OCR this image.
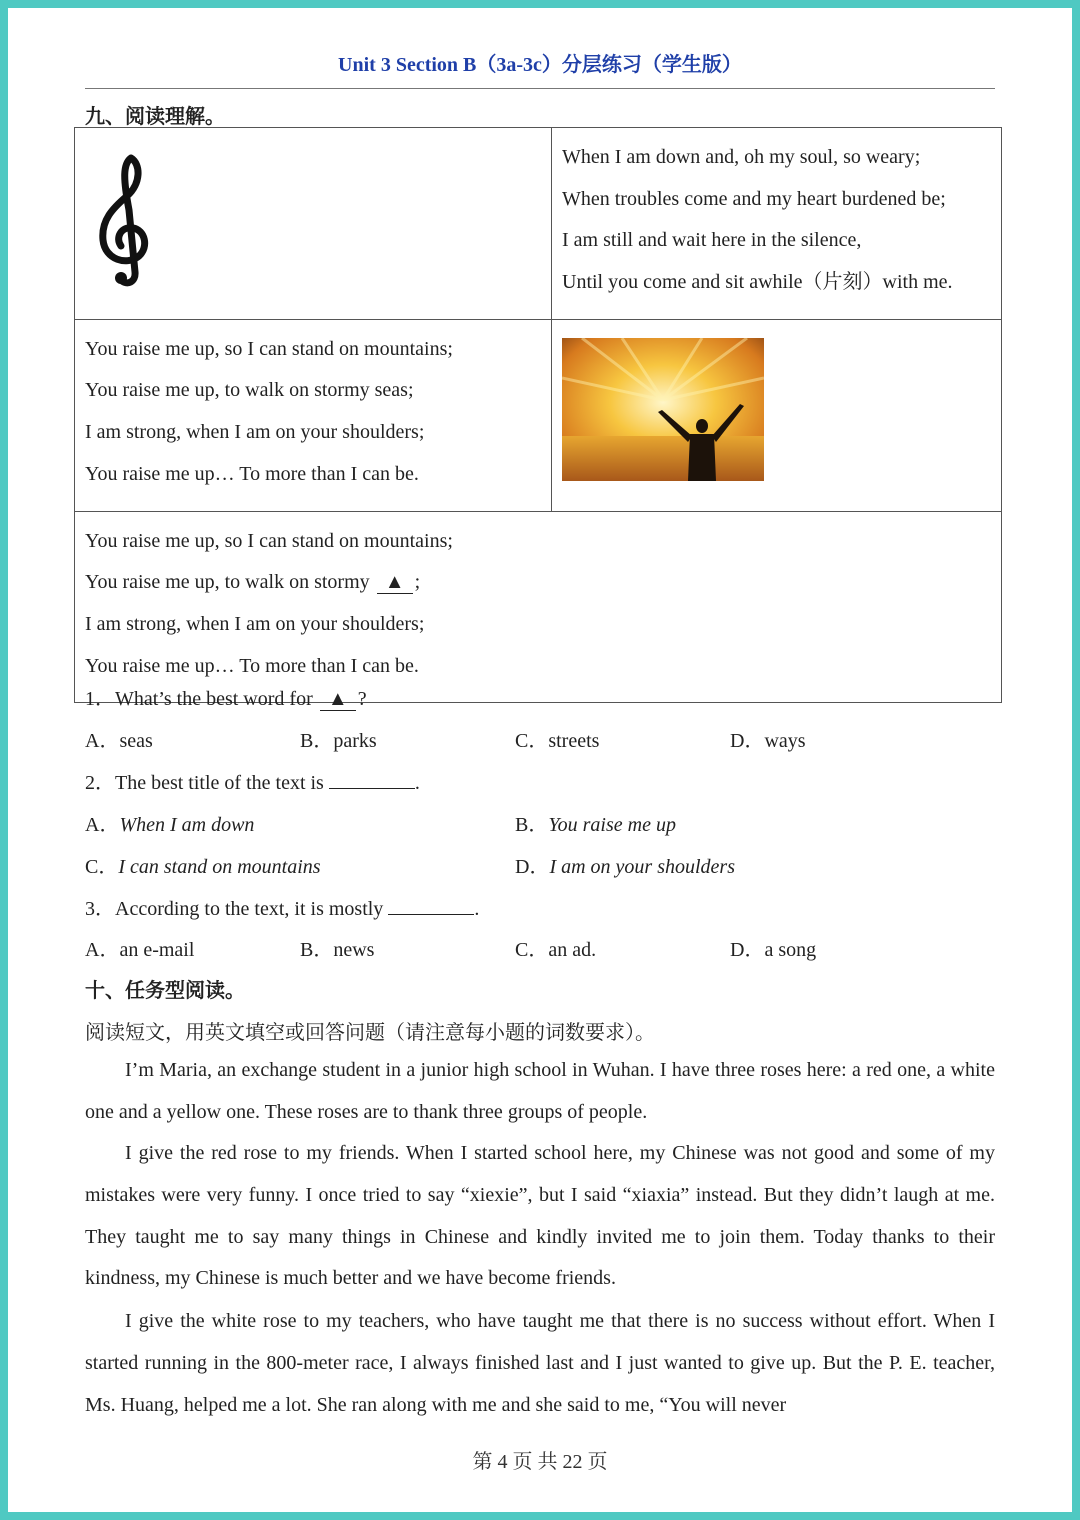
Unit 3 Section B（3a-3c）分层练习（学生版）
九、阅读理解。

When I am down and, oh my soul, so weary;
When troubles come and my heart burdened be;
I am still and wait here in the silence,
Until you come and sit awhile（片刻）with me.

You raise me up, so I can stand on mountains;
You raise me up, to walk on stormy seas;
I am strong, when I am on your shoulders;
You raise me up… To more than I can be.

You raise me up, so I can stand on mountains;
You raise me up, to walk on stormy ▲ ;
I am strong, when I am on your shoulders;
You raise me up… To more than I can be.	
1．What’s the best word for ▲ ?
A．seas	B．parks	C．streets	D．ways
2．The best title of the text is	.
A．When I am down	B．You raise me up
C．I can stand on mountains	D．I am on your shoulders
3．According to the text, it is mostly	.
A．an e-mail	B．news	C．an ad.	D．a song
十、任务型阅读。
阅读短文，用英文填空或回答问题（请注意每小题的词数要求）。
I’m Maria, an exchange student in a junior high school in Wuhan. I have three roses here: a red one, a white one and a yellow one. These roses are to thank three groups of people.
I give the red rose to my friends. When I started school here, my Chinese was not good and some of my mistakes were very funny. I once tried to say “xiexie”, but I said “xiaxia” instead. But they didn’t laugh at me. They taught me to say many things in Chinese and kindly invited me to join them. Today thanks to their kindness, my Chinese is much better and we have become friends.
I give the white rose to my teachers, who have taught me that there is no success without effort. When I started running in the 800-meter race, I always finished last and I just wanted to give up. But the P. E. teacher, Ms. Huang, helped me a lot. She ran along with me and she said to me, “You will never
第 4 页 共 22 页
